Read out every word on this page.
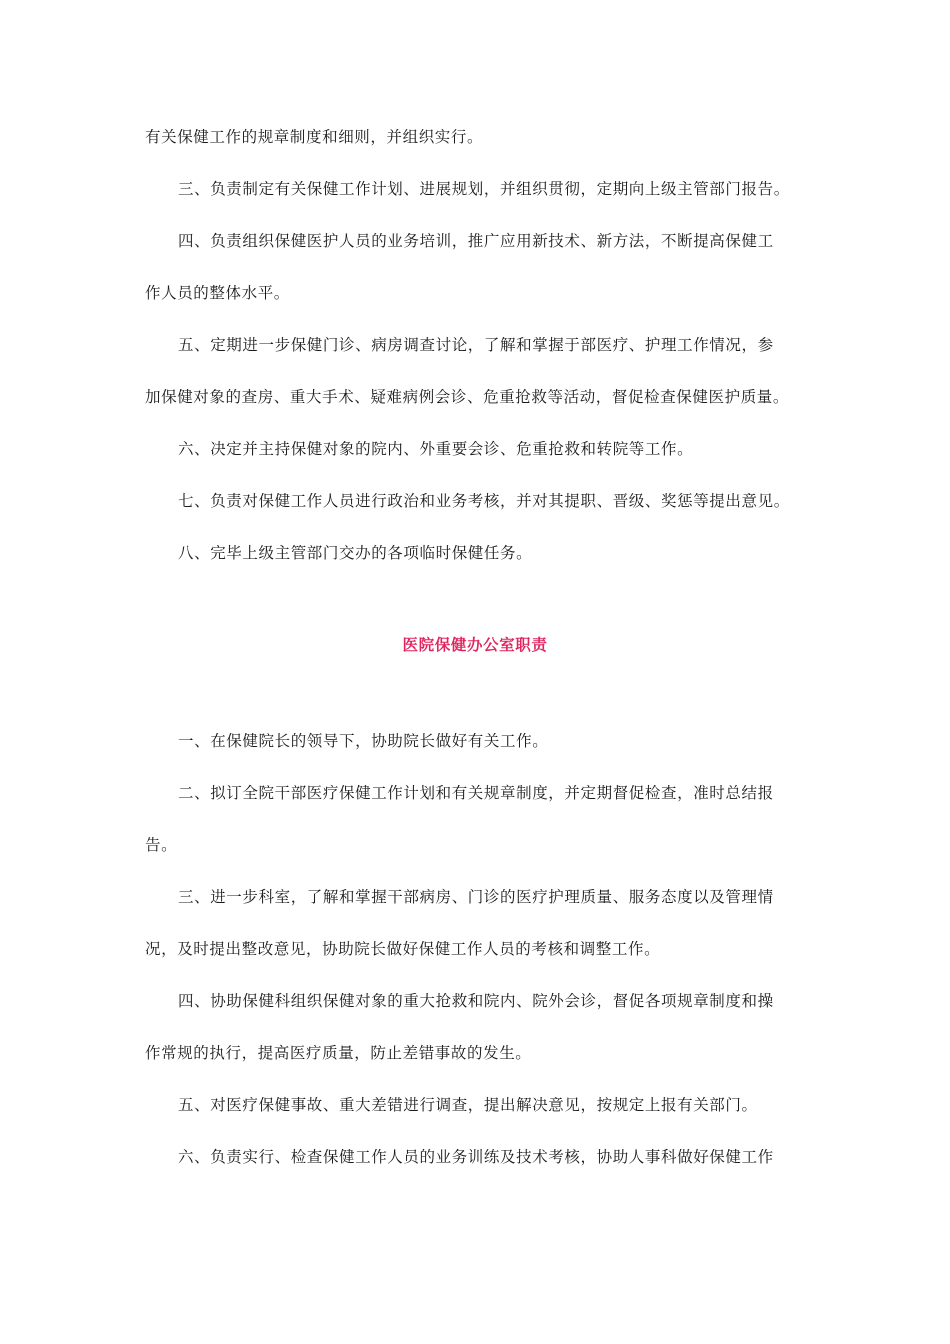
有关保健工作的规章制度和细则，并组织实行。
三、负责制定有关保健工作计划、进展规划，并组织贯彻，定期向上级主管部门报告。
四、负责组织保健医护人员的业务培训，推广应用新技术、新方法，不断提高保健工
作人员的整体水平。
五、定期进一步保健门诊、病房调查讨论，了解和掌握于部医疗、护理工作情况，参
加保健对象的查房、重大手术、疑难病例会诊、危重抢救等活动，督促检查保健医护质量。
六、决定并主持保健对象的院内、外重要会诊、危重抢救和转院等工作。
七、负责对保健工作人员进行政治和业务考核，并对其提职、晋级、奖惩等提出意见。
八、完毕上级主管部门交办的各项临时保健任务。
医院保健办公室职责
一、在保健院长的领导下，协助院长做好有关工作。
二、拟订全院干部医疗保健工作计划和有关规章制度，并定期督促检查，准时总结报
告。
三、进一步科室，了解和掌握干部病房、门诊的医疗护理质量、服务态度以及管理情
况，及时提出整改意见，协助院长做好保健工作人员的考核和调整工作。
四、协助保健科组织保健对象的重大抢救和院内、院外会诊，督促各项规章制度和操
作常规的执行，提高医疗质量，防止差错事故的发生。
五、对医疗保健事故、重大差错进行调查，提出解决意见，按规定上报有关部门。
六、负责实行、检查保健工作人员的业务训练及技术考核，协助人事科做好保健工作
